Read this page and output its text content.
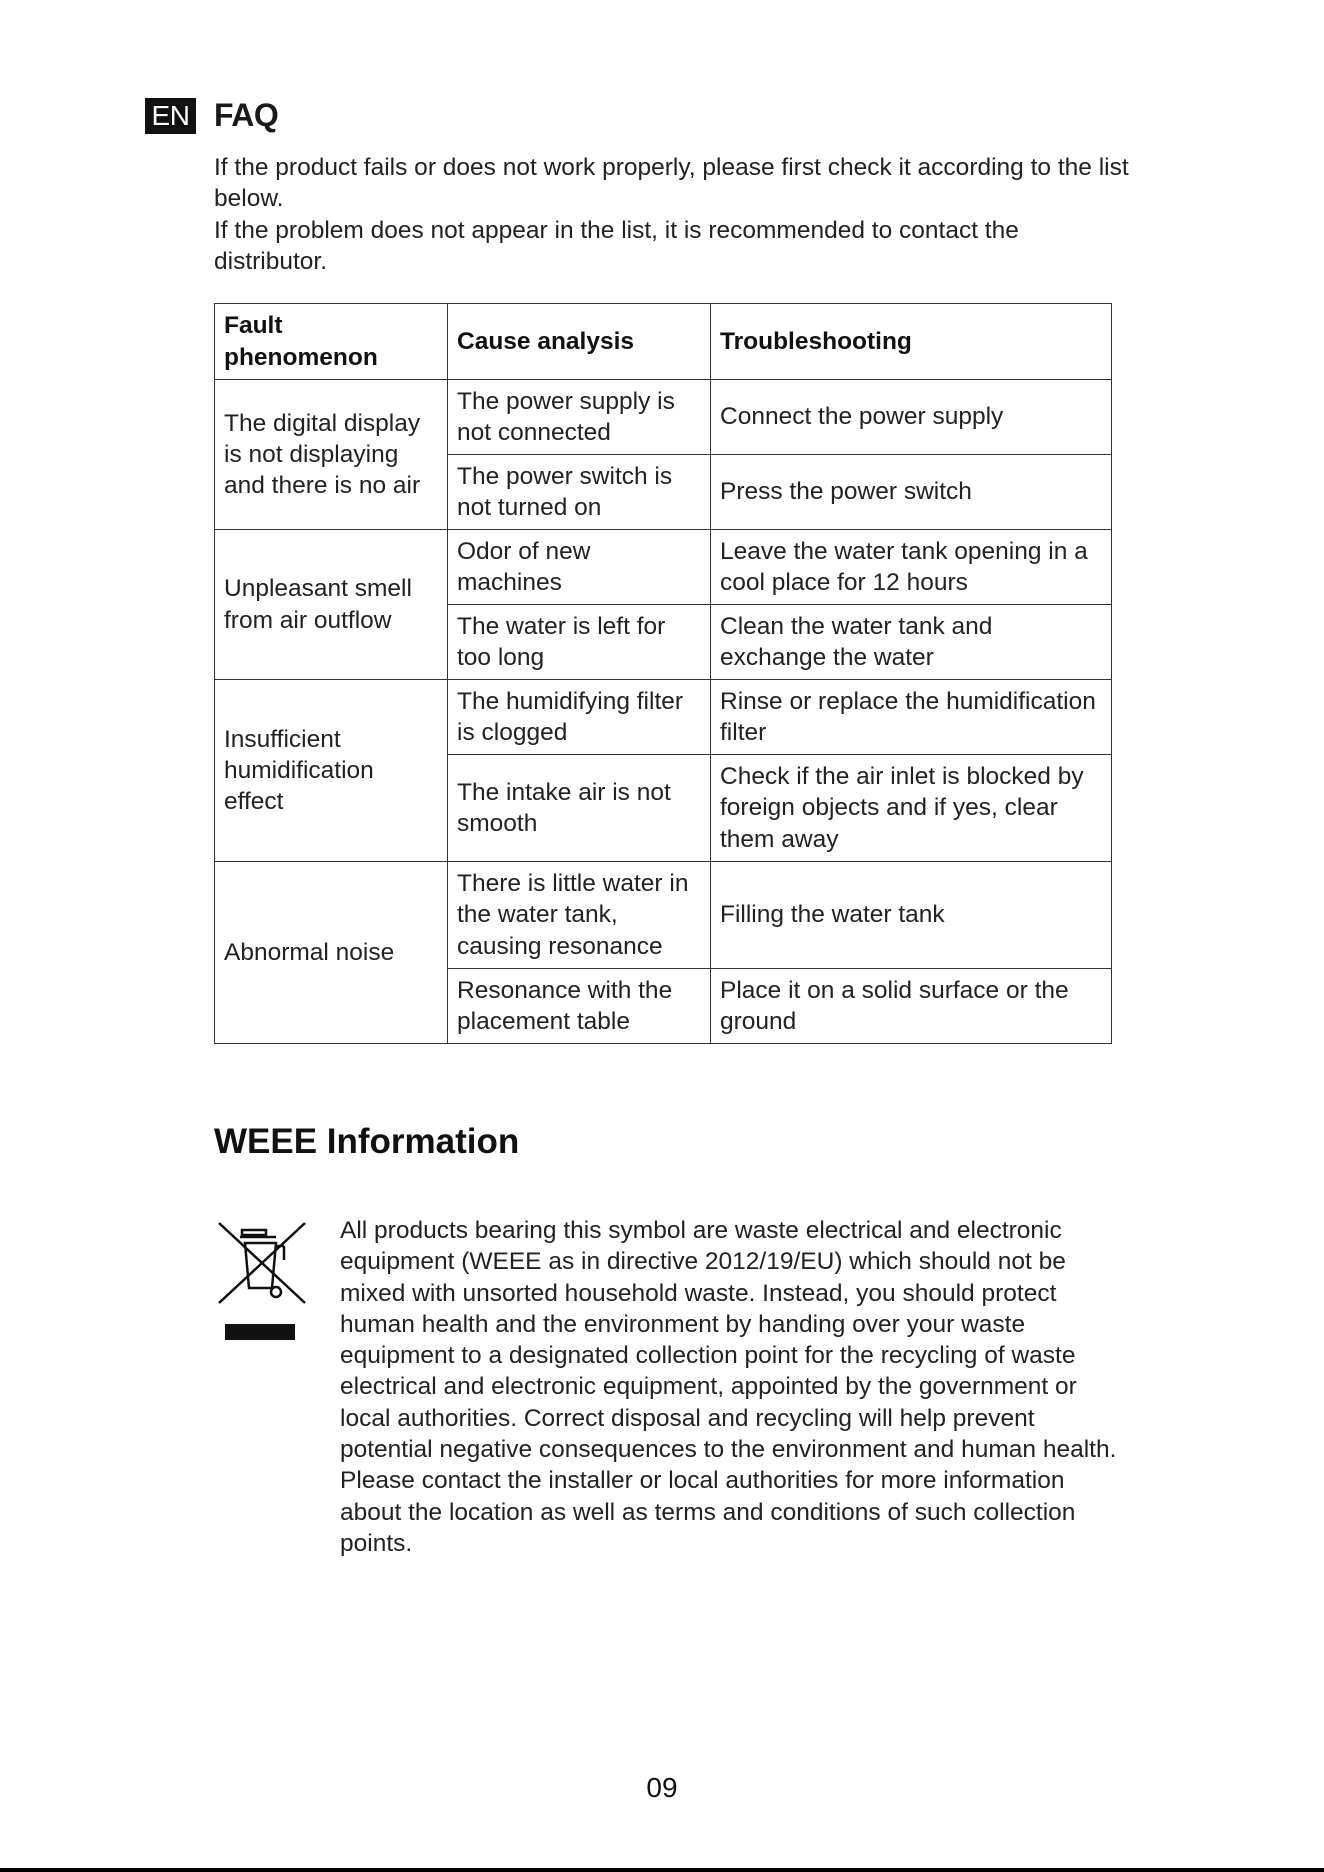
EN FAQ

If the product fails or does not work properly, please first check it according to the list below.

If the problem does not appear in the list, it is recommended to contact the distributor.

Fault phenomenon	Cause analysis	Troubleshooting
The digital display is not displaying and there is no air	The power supply is not connected	Connect the power supply
	The power switch is not turned on	Press the power switch
Unpleasant smell from air outflow	Odor of new machines	Leave the water tank opening in a cool place for 12 hours
	The water is left for too long	Clean the water tank and exchange the water
Insufficient humidification effect	The humidifying filter is clogged	Rinse or replace the humidification filter
	The intake air is not smooth	Check if the air inlet is blocked by foreign objects and if yes, clear them away
Abnormal noise	There is little water in the water tank, causing resonance	Filling the water tank
	Resonance with the placement table	Place it on a solid surface or the ground
WEEE Information

All products bearing this symbol are waste electrical and electronic equipment (WEEE as in directive 2012/19/EU) which should not be mixed with unsorted household waste. Instead, you should protect human health and the environment by handing over your waste equipment to a designated collection point for the recycling of waste electrical and electronic equipment, appointed by the government or local authorities. Correct disposal and recycling will help prevent potential negative consequences to the environment and human health. Please contact the installer or local authorities for more information about the location as well as terms and conditions of such collection points.

09
